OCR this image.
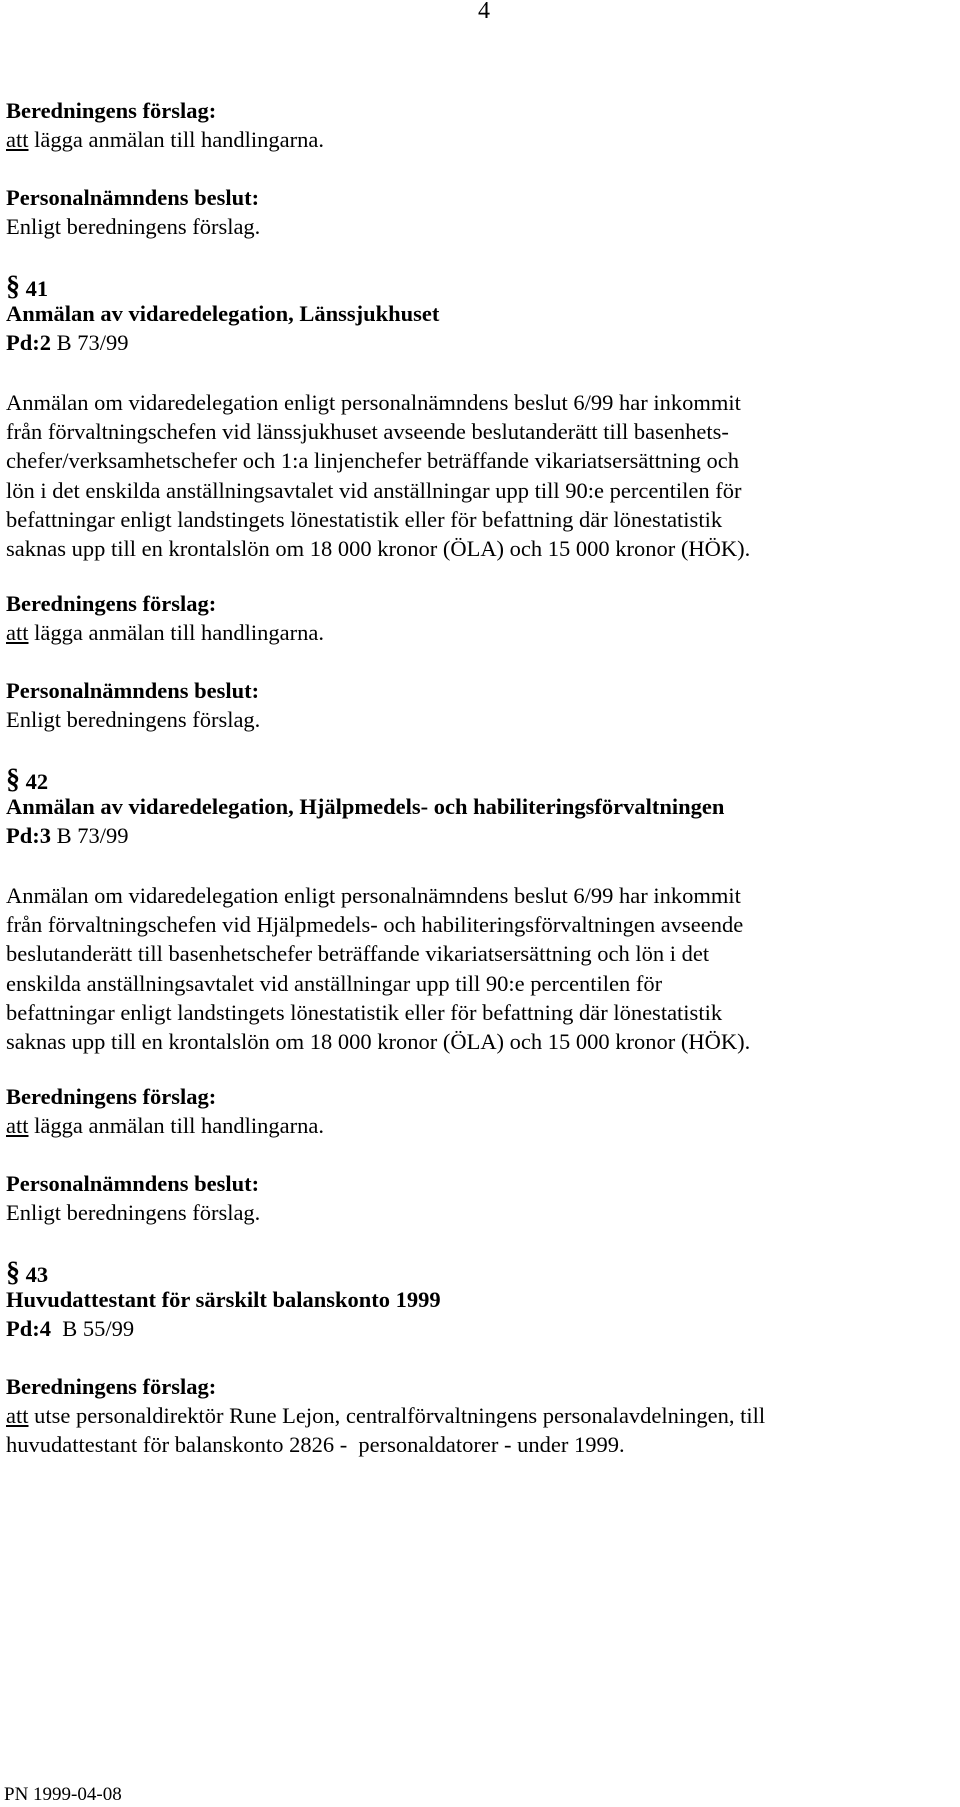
4
Beredningens förslag:
att lägga anmälan till handlingarna.
Personalnämndens beslut:
Enligt beredningens förslag.
§ 41
Anmälan av vidaredelegation, Länssjukhuset
Pd:2 B 73/99
Anmälan om vidaredelegation enligt personalnämndens beslut 6/99 har inkommit
från förvaltningschefen vid länssjukhuset avseende beslutanderätt till basenhets-
chefer/verksamhetschefer och 1:a linjenchefer beträffande vikariatsersättning och
lön i det enskilda anställningsavtalet vid anställningar upp till 90:e percentilen för
befattningar enligt landstingets lönestatistik eller för befattning där lönestatistik
saknas upp till en krontalslön om 18 000 kronor (ÖLA) och 15 000 kronor (HÖK).
Beredningens förslag:
att lägga anmälan till handlingarna.
Personalnämndens beslut:
Enligt beredningens förslag.
§ 42
Anmälan av vidaredelegation, Hjälpmedels- och habiliteringsförvaltningen
Pd:3 B 73/99
Anmälan om vidaredelegation enligt personalnämndens beslut 6/99 har inkommit
från förvaltningschefen vid Hjälpmedels- och habiliteringsförvaltningen avseende
beslutanderätt till basenhetschefer beträffande vikariatsersättning och lön i det
enskilda anställningsavtalet vid anställningar upp till 90:e percentilen för
befattningar enligt landstingets lönestatistik eller för befattning där lönestatistik
saknas upp till en krontalslön om 18 000 kronor (ÖLA) och 15 000 kronor (HÖK).
Beredningens förslag:
att lägga anmälan till handlingarna.
Personalnämndens beslut:
Enligt beredningens förslag.
§ 43
Huvudattestant för särskilt balanskonto 1999
Pd:4  B 55/99
Beredningens förslag:
att utse personaldirektör Rune Lejon, centralförvaltningens personalavdelningen, till
huvudattestant för balanskonto 2826 -  personaldatorer - under 1999.
PN 1999-04-08
